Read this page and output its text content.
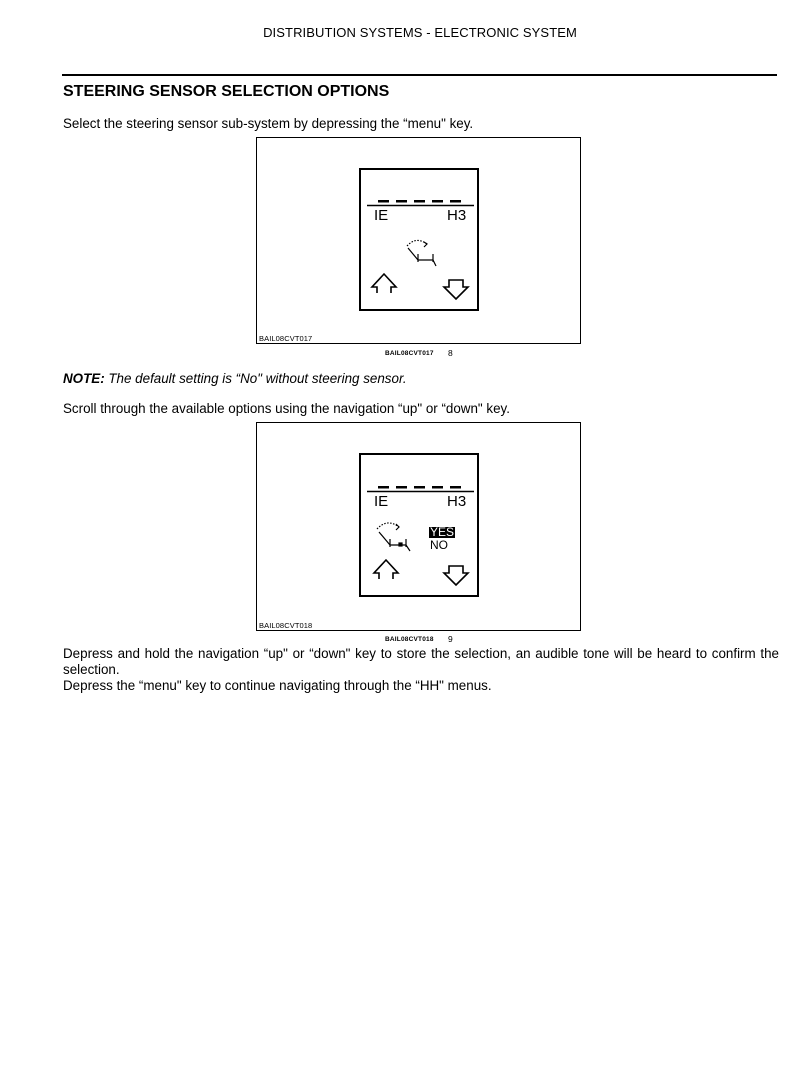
DISTRIBUTION SYSTEMS - ELECTRONIC SYSTEM
STEERING SENSOR SELECTION OPTIONS
Select the steering sensor sub-system by depressing the “menu" key.
IE	H3
BAIL08CVT017
BAIL08CVT017 8
NOTE: The default setting is “No" without steering sensor.
Scroll through the available options using the navigation “up" or “down" key.
IE	H3
YES
NO
BAIL08CVT018
BAIL08CVT018 9
Depress and hold the navigation “up" or “down" key to store the selection, an audible tone will be heard to confirm the selection.
Depress the “menu" key to continue navigating through the “HH" menus.
